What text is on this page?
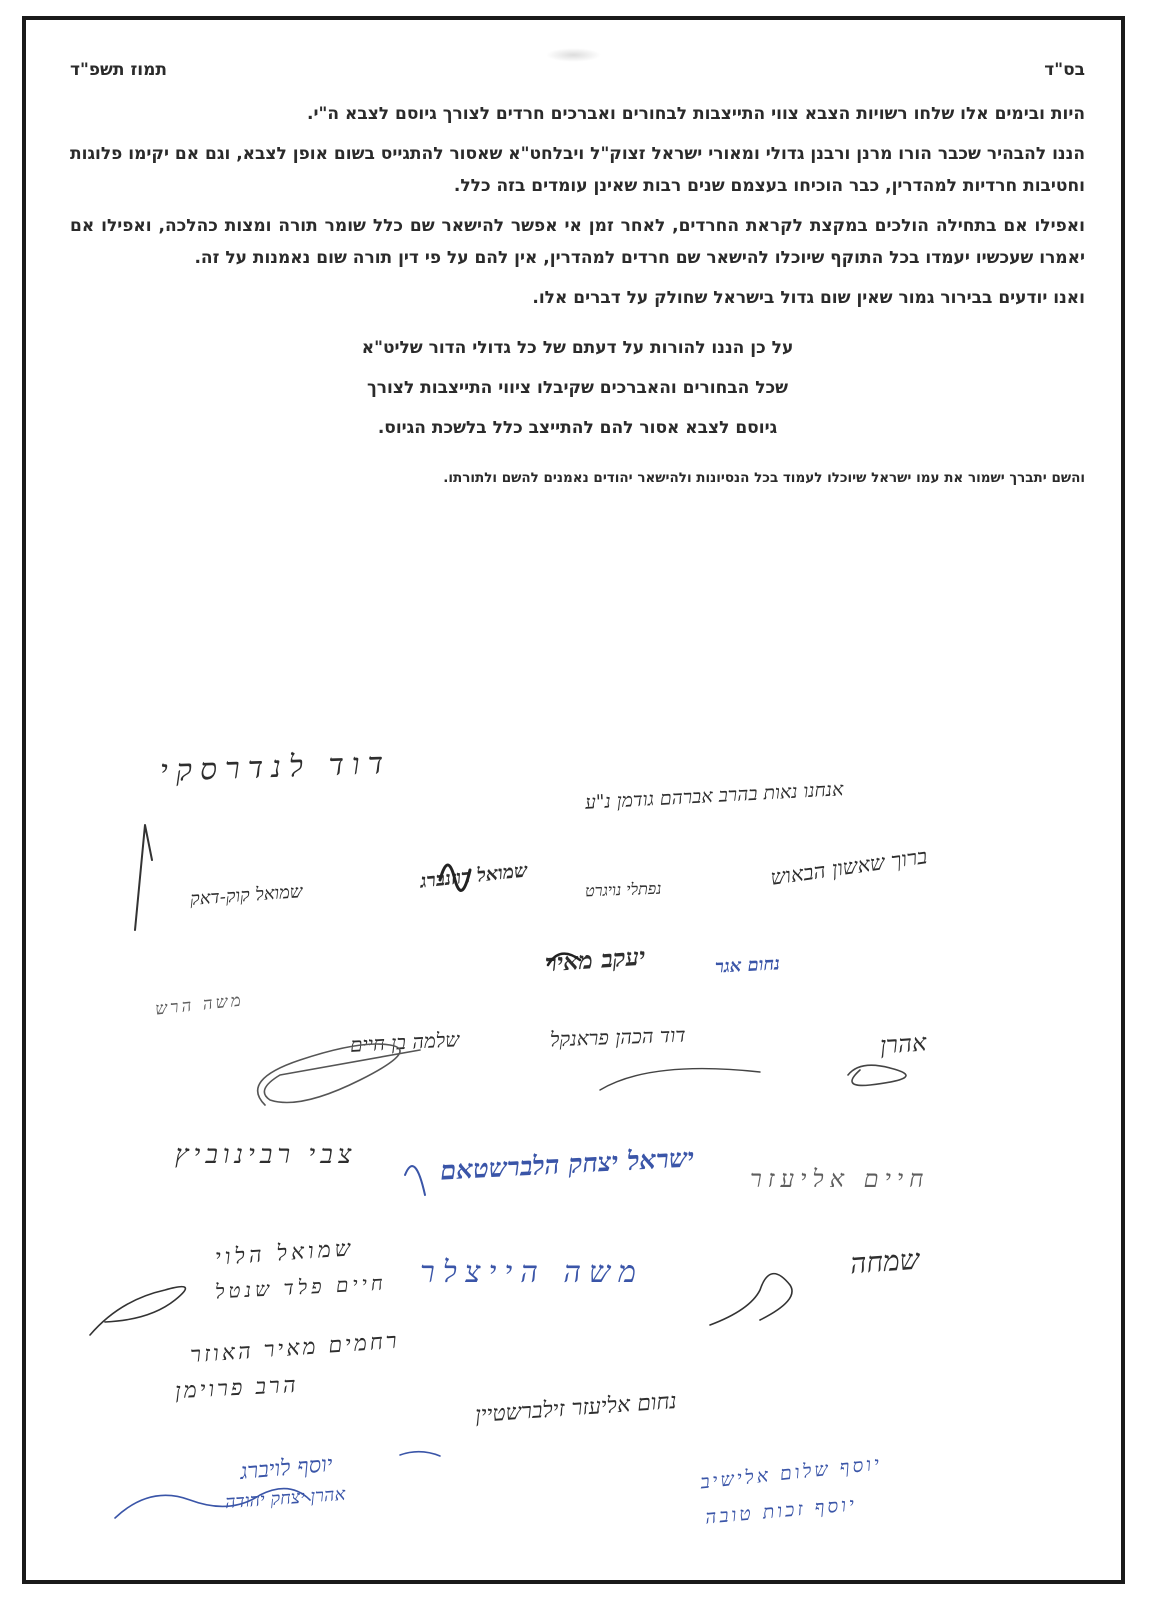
בס"ד
תמוז תשפ"ד
היות ובימים אלו שלחו רשויות הצבא צווי התייצבות לבחורים ואברכים חרדים לצורך גיוסם לצבא ה"י.
הננו להבהיר שכבר הורו מרנן ורבנן גדולי ומאורי ישראל זצוק"ל ויבלחט"א שאסור להתגייס בשום אופן לצבא, וגם אם יקימו פלוגות וחטיבות חרדיות למהדרין, כבר הוכיחו בעצמם שנים רבות שאינן עומדים בזה כלל.
ואפילו אם בתחילה הולכים במקצת לקראת החרדים, לאחר זמן אי אפשר להישאר שם כלל שומר תורה ומצות כהלכה, ואפילו אם יאמרו שעכשיו יעמדו בכל התוקף שיוכלו להישאר שם חרדים למהדרין, אין להם על פי דין תורה שום נאמנות על זה.
ואנו יודעים בבירור גמור שאין שום גדול בישראל שחולק על דברים אלו.
על כן הננו להורות על דעתם של כל גדולי הדור שליט"א
שכל הבחורים והאברכים שקיבלו ציווי התייצבות לצורך
גיוסם לצבא אסור להם להתייצב כלל בלשכת הגיוס.
והשם יתברך ישמור את עמו ישראל שיוכלו לעמוד בכל הנסיונות ולהישאר יהודים נאמנים להשם ולתורתו.
דוד לנדרסקי
אנחנו נאות בהרב אברהם גודמן נ"ע
שמואל רוזנברג
שמואל קוק-דאק	נפתלי נויגרט	ברוך שאשון הבאוש
יעקב מאיר	נחום אגר
משה הרש
שלמה בן חיים	דוד הכהן פראנקל	אהרן
צבי רבינוביץ	ישראל יצחק הלברשטאם חיים אליעזר
שמואל הלוי
חיים פלד שנטל משה הייצלר	שמחה
רחמים מאיר האוזר
הרב פרוימן
נחום אליעזר זילברשטיין
יוסף לויברג
אהרן יצחק יהודה
יוסף שלום אלישיב
יוסף זכות טובה
